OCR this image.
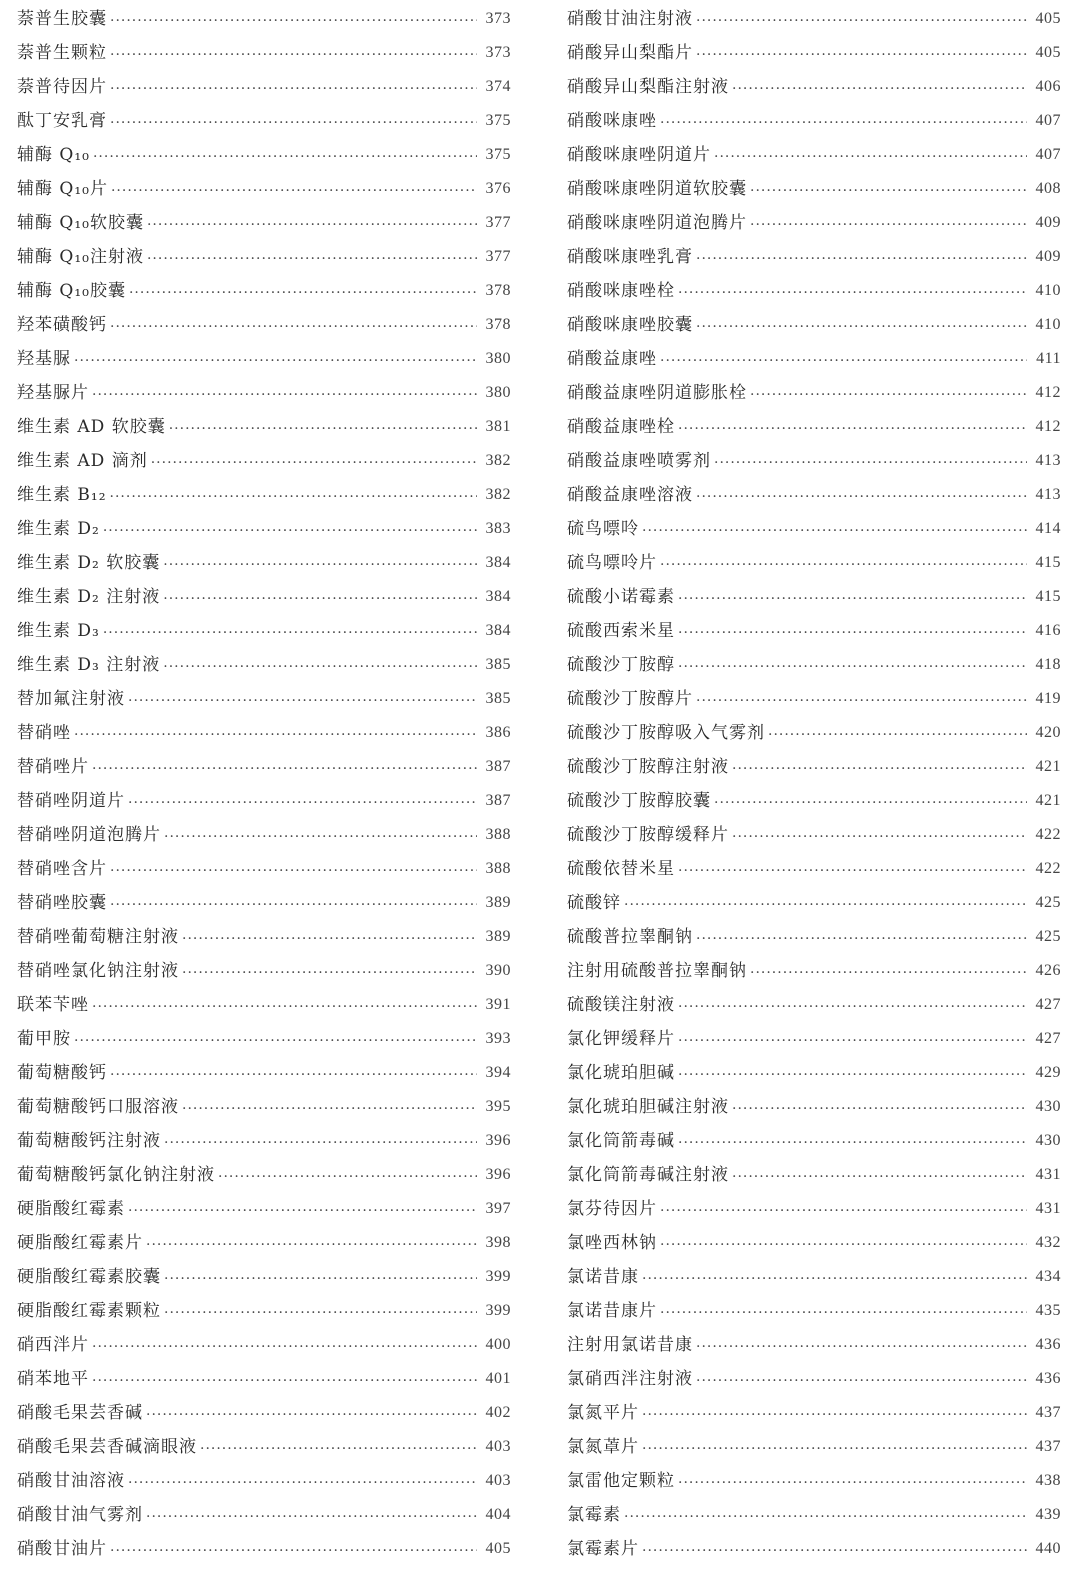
萘普生胶囊 ·····	373
萘普生颗粒 ·····	373
萘普待因片 ·····	374
酞丁安乳膏 ·····	375
辅酶 Q₁₀ ·····	375
辅酶 Q₁₀片 ·····	376
辅酶 Q₁₀软胶囊 ·····	377
辅酶 Q₁₀注射液 ·····	377
辅酶 Q₁₀胶囊 ·····	378
羟苯磺酸钙 ·····	378
羟基脲 ·····	380
羟基脲片 ·····	380
维生素 AD 软胶囊 ·····	381
维生素 AD 滴剂 ·····	382
维生素 B₁₂ ·····	382
维生素 D₂ ·····	383
维生素 D₂ 软胶囊 ·····	384
维生素 D₂ 注射液 ·····	384
维生素 D₃ ·····	384
维生素 D₃ 注射液 ·····	385
替加氟注射液 ·····	385
替硝唑 ·····	386
替硝唑片 ·····	387
替硝唑阴道片 ·····	387
替硝唑阴道泡腾片 ·····	388
替硝唑含片 ·····	388
替硝唑胶囊 ·····	389
替硝唑葡萄糖注射液 ·····	389
替硝唑氯化钠注射液 ·····	390
联苯苄唑 ·····	391
葡甲胺 ·····	393
葡萄糖酸钙 ·····	394
葡萄糖酸钙口服溶液 ·····	395
葡萄糖酸钙注射液 ·····	396
葡萄糖酸钙氯化钠注射液 ·····	396
硬脂酸红霉素 ·····	397
硬脂酸红霉素片 ·····	398
硬脂酸红霉素胶囊 ·····	399
硬脂酸红霉素颗粒 ·····	399
硝西泮片 ·····	400
硝苯地平 ·····	401
硝酸毛果芸香碱 ·····	402
硝酸毛果芸香碱滴眼液 ·····	403
硝酸甘油溶液 ·····	403
硝酸甘油气雾剂 ·····	404
硝酸甘油片 ·····	405
硝酸甘油注射液 ·····	405
硝酸异山梨酯片 ·····	405
硝酸异山梨酯注射液 ·····	406
硝酸咪康唑 ·····	407
硝酸咪康唑阴道片 ·····	407
硝酸咪康唑阴道软胶囊 ·····	408
硝酸咪康唑阴道泡腾片 ·····	409
硝酸咪康唑乳膏 ·····	409
硝酸咪康唑栓 ·····	410
硝酸咪康唑胶囊 ·····	410
硝酸益康唑 ·····	411
硝酸益康唑阴道膨胀栓 ·····	412
硝酸益康唑栓 ·····	412
硝酸益康唑喷雾剂 ·····	413
硝酸益康唑溶液 ·····	413
硫鸟嘌呤 ·····	414
硫鸟嘌呤片 ·····	415
硫酸小诺霉素 ·····	415
硫酸西索米星 ·····	416
硫酸沙丁胺醇 ·····	418
硫酸沙丁胺醇片 ·····	419
硫酸沙丁胺醇吸入气雾剂 ·····	420
硫酸沙丁胺醇注射液 ·····	421
硫酸沙丁胺醇胶囊 ·····	421
硫酸沙丁胺醇缓释片 ·····	422
硫酸依替米星 ·····	422
硫酸锌 ·····	425
硫酸普拉睾酮钠 ·····	425
注射用硫酸普拉睾酮钠 ·····	426
硫酸镁注射液 ·····	427
氯化钾缓释片 ·····	427
氯化琥珀胆碱 ·····	429
氯化琥珀胆碱注射液 ·····	430
氯化筒箭毒碱 ·····	430
氯化筒箭毒碱注射液 ·····	431
氯芬待因片 ·····	431
氯唑西林钠 ·····	432
氯诺昔康 ·····	434
氯诺昔康片 ·····	435
注射用氯诺昔康 ·····	436
氯硝西泮注射液 ·····	436
氯氮平片 ·····	437
氯氮䓬片 ·····	437
氯雷他定颗粒 ·····	438
氯霉素 ·····	439
氯霉素片 ·····	440
